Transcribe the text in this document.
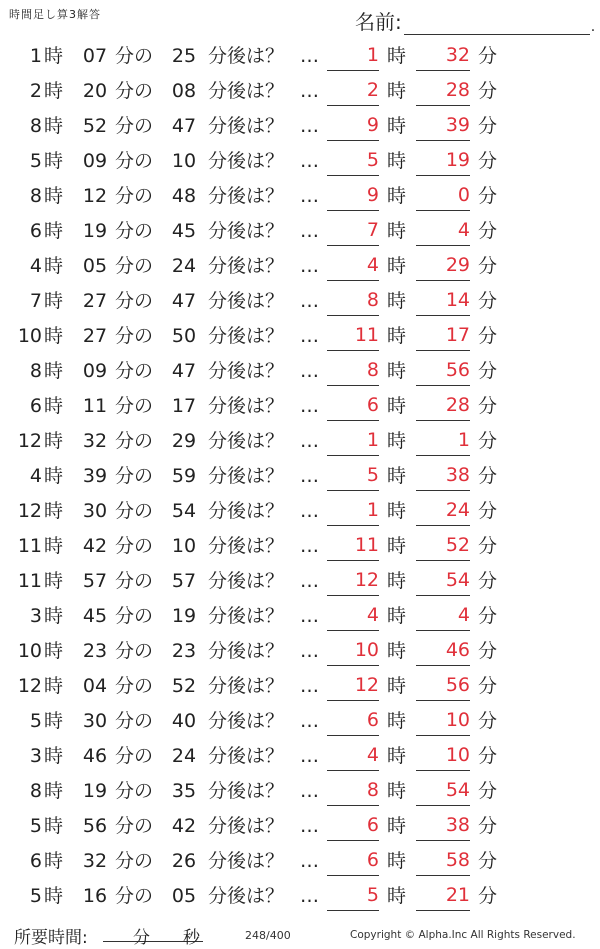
時間足し算3解答	名前:	.
1 時 07 分の 25 分後は？ …	1 時	32 分
2 時 20 分の 08 分後は？ …	2 時	28 分
8 時 52 分の 47 分後は？ …	9 時	39 分
5 時 09 分の 10 分後は？ …	5 時	19 分
8 時 12 分の 48 分後は？ …	9 時	0 分
6 時 19 分の 45 分後は？ …	7 時	4 分
4 時 05 分の 24 分後は？ …	4 時	29 分
7 時 27 分の 47 分後は？ …	8 時	14 分
10 時 27 分の 50 分後は？ …	11 時	17 分
8 時 09 分の 47 分後は？ …	8 時	56 分
6 時 11 分の 17 分後は？ …	6 時	28 分
12 時 32 分の 29 分後は？ …	1 時	1 分
4 時 39 分の 59 分後は？ …	5 時	38 分
12 時 30 分の 54 分後は？ …	1 時	24 分
11 時 42 分の 10 分後は？ …	11 時	52 分
11 時 57 分の 57 分後は？ …	12 時	54 分
3 時 45 分の 19 分後は？ …	4 時	4 分
10 時 23 分の 23 分後は？ …	10 時	46 分
12 時 04 分の 52 分後は？ …	12 時	56 分
5 時 30 分の 40 分後は？ …	6 時	10 分
3 時 46 分の 24 分後は？ …	4 時	10 分
8 時 19 分の 35 分後は？ …	8 時	54 分
5 時 56 分の 42 分後は？ …	6 時	38 分
6 時 32 分の 26 分後は？ …	6 時	58 分
5 時 16 分の 05 分後は？ …	5 時	21 分
所要時間:	分 秒	248/400	Copyright © Alpha.Inc All Rights Reserved.
